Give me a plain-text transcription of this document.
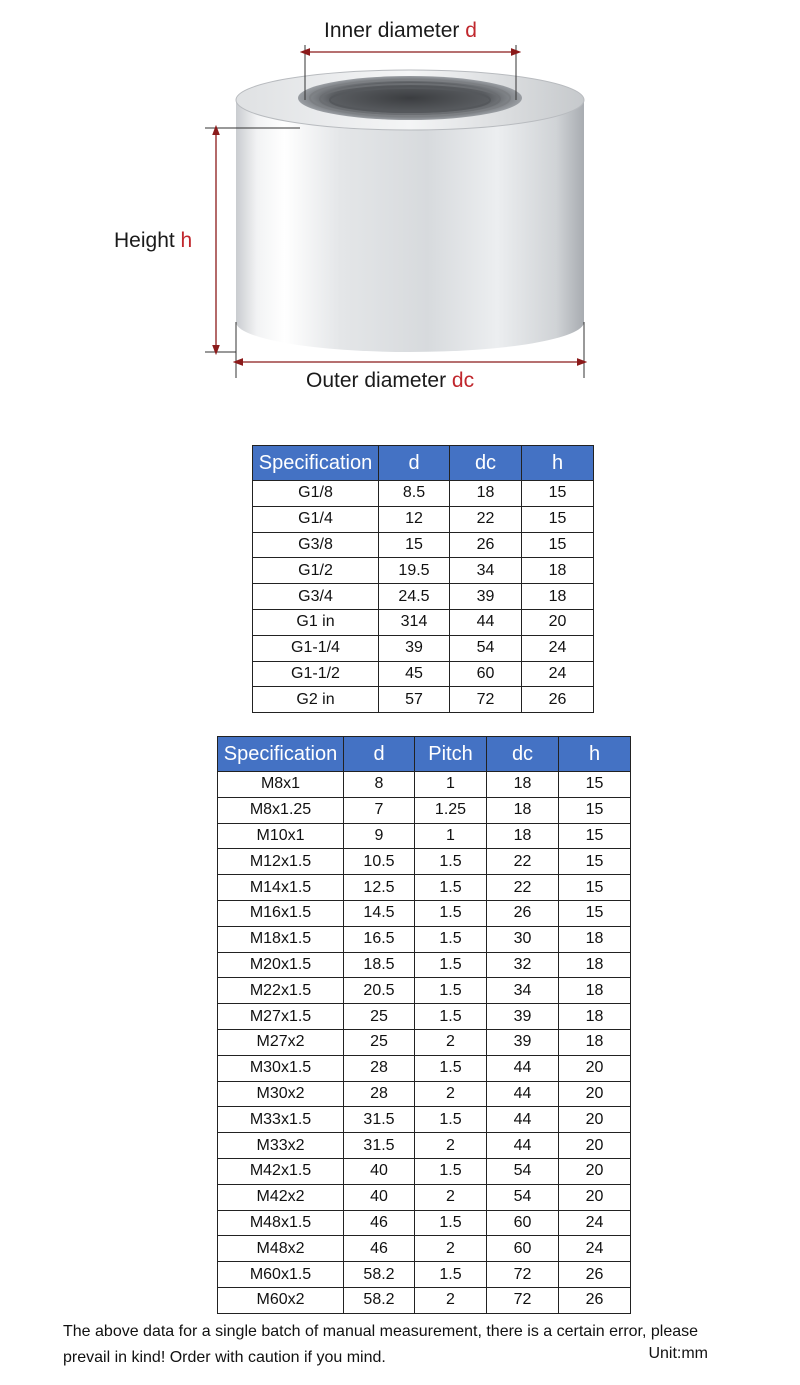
Inner diameter d
Height h
Outer diameter dc
Specification	d	dc	h
G1/8	8.5	18	15
G1/4	12	22	15
G3/8	15	26	15
G1/2	19.5	34	18
G3/4	24.5	39	18
G1 in	314	44	20
G1-1/4	39	54	24
G1-1/2	45	60	24
G2 in	57	72	26
Specification	d	Pitch	dc	h
M8x1	8	1	18	15
M8x1.25	7	1.25	18	15
M10x1	9	1	18	15
M12x1.5	10.5	1.5	22	15
M14x1.5	12.5	1.5	22	15
M16x1.5	14.5	1.5	26	15
M18x1.5	16.5	1.5	30	18
M20x1.5	18.5	1.5	32	18
M22x1.5	20.5	1.5	34	18
M27x1.5	25	1.5	39	18
M27x2	25	2	39	18
M30x1.5	28	1.5	44	20
M30x2	28	2	44	20
M33x1.5	31.5	1.5	44	20
M33x2	31.5	2	44	20
M42x1.5	40	1.5	54	20
M42x2	40	2	54	20
M48x1.5	46	1.5	60	24
M48x2	46	2	60	24
M60x1.5	58.2	1.5	72	26
M60x2	58.2	2	72	26
The above data for a single batch of manual measurement, there is a certain error, please prevail in kind! Order with caution if you mind.	Unit:mm
